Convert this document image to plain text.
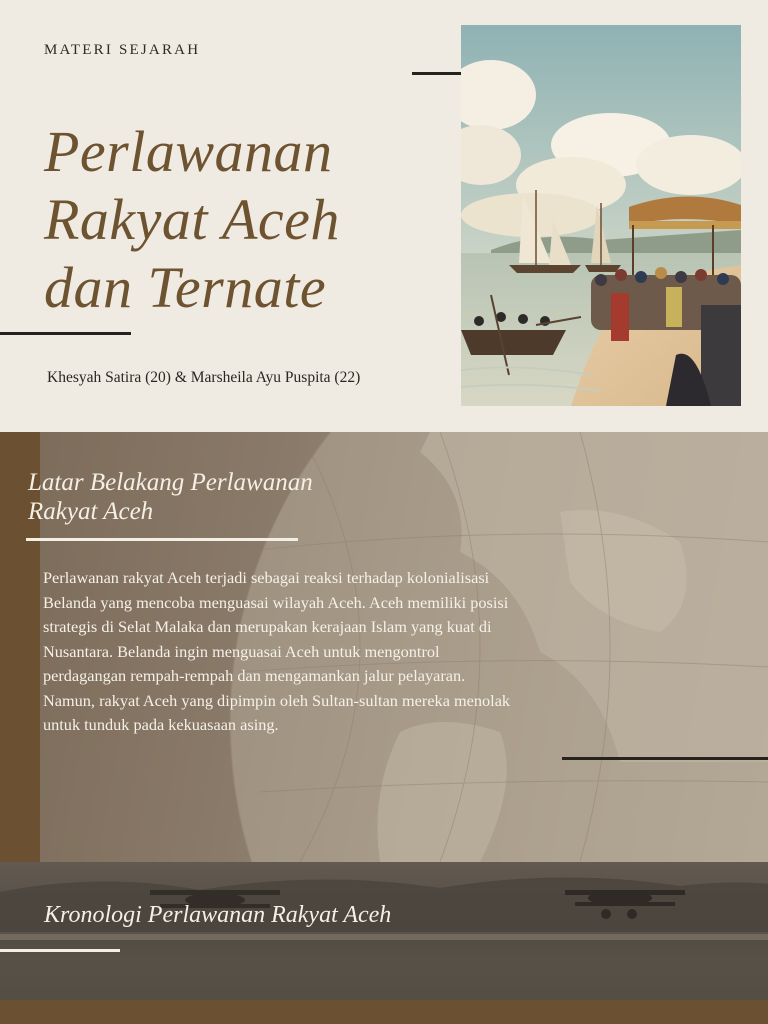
MATERI SEJARAH
Perlawanan
Rakyat Aceh
dan Ternate
Khesyah Satira (20) & Marsheila Ayu Puspita (22)
Latar Belakang Perlawanan
Rakyat Aceh
Perlawanan rakyat Aceh terjadi sebagai reaksi terhadap kolonialisasi
Belanda yang mencoba menguasai wilayah Aceh. Aceh memiliki posisi
strategis di Selat Malaka dan merupakan kerajaan Islam yang kuat di
Nusantara. Belanda ingin menguasai Aceh untuk mengontrol
perdagangan rempah-rempah dan mengamankan jalur pelayaran.
Namun, rakyat Aceh yang dipimpin oleh Sultan-sultan mereka menolak
untuk tunduk pada kekuasaan asing.
Kronologi Perlawanan Rakyat Aceh
